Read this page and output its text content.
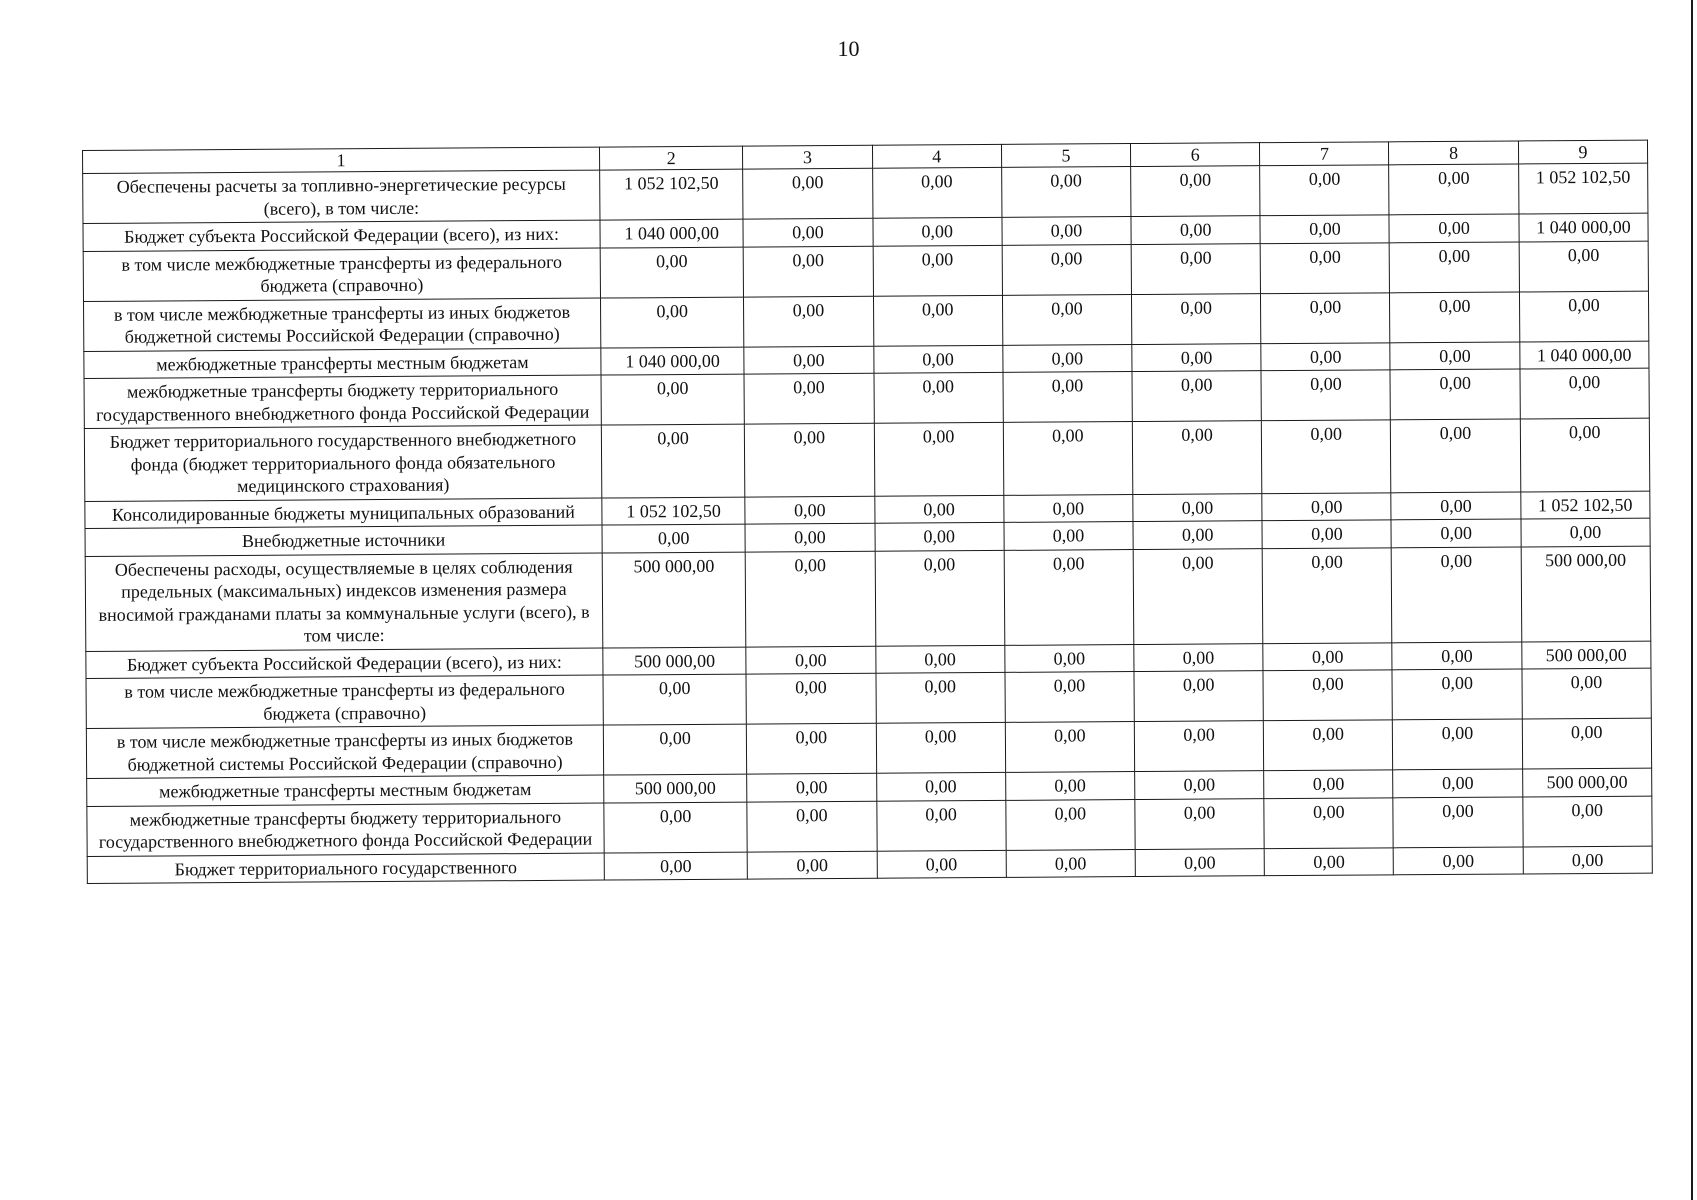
10
1	2	3	4	5	6	7	8	9
Обеспечены расчеты за топливно-энергетические ресурсы (всего), в том числе:	1 052 102,50	0,00	0,00	0,00	0,00	0,00	0,00	1 052 102,50
Бюджет субъекта Российской Федерации (всего), из них:	1 040 000,00	0,00	0,00	0,00	0,00	0,00	0,00	1 040 000,00
в том числе межбюджетные трансферты из федерального бюджета (справочно)	0,00	0,00	0,00	0,00	0,00	0,00	0,00	0,00
в том числе межбюджетные трансферты из иных бюджетов бюджетной системы Российской Федерации (справочно)	0,00	0,00	0,00	0,00	0,00	0,00	0,00	0,00
межбюджетные трансферты местным бюджетам	1 040 000,00	0,00	0,00	0,00	0,00	0,00	0,00	1 040 000,00
межбюджетные трансферты бюджету территориального государственного внебюджетного фонда Российской Федерации	0,00	0,00	0,00	0,00	0,00	0,00	0,00	0,00
Бюджет территориального государственного внебюджетного фонда (бюджет территориального фонда обязательного медицинского страхования)	0,00	0,00	0,00	0,00	0,00	0,00	0,00	0,00
Консолидированные бюджеты муниципальных образований	1 052 102,50	0,00	0,00	0,00	0,00	0,00	0,00	1 052 102,50
Внебюджетные источники	0,00	0,00	0,00	0,00	0,00	0,00	0,00	0,00
Обеспечены расходы, осуществляемые в целях соблюдения предельных (максимальных) индексов изменения размера вносимой гражданами платы за коммунальные услуги (всего), в том числе:	500 000,00	0,00	0,00	0,00	0,00	0,00	0,00	500 000,00
Бюджет субъекта Российской Федерации (всего), из них:	500 000,00	0,00	0,00	0,00	0,00	0,00	0,00	500 000,00
в том числе межбюджетные трансферты из федерального бюджета (справочно)	0,00	0,00	0,00	0,00	0,00	0,00	0,00	0,00
в том числе межбюджетные трансферты из иных бюджетов бюджетной системы Российской Федерации (справочно)	0,00	0,00	0,00	0,00	0,00	0,00	0,00	0,00
межбюджетные трансферты местным бюджетам	500 000,00	0,00	0,00	0,00	0,00	0,00	0,00	500 000,00
межбюджетные трансферты бюджету территориального государственного внебюджетного фонда Российской Федерации	0,00	0,00	0,00	0,00	0,00	0,00	0,00	0,00
Бюджет территориального государственного	0,00	0,00	0,00	0,00	0,00	0,00	0,00	0,00
